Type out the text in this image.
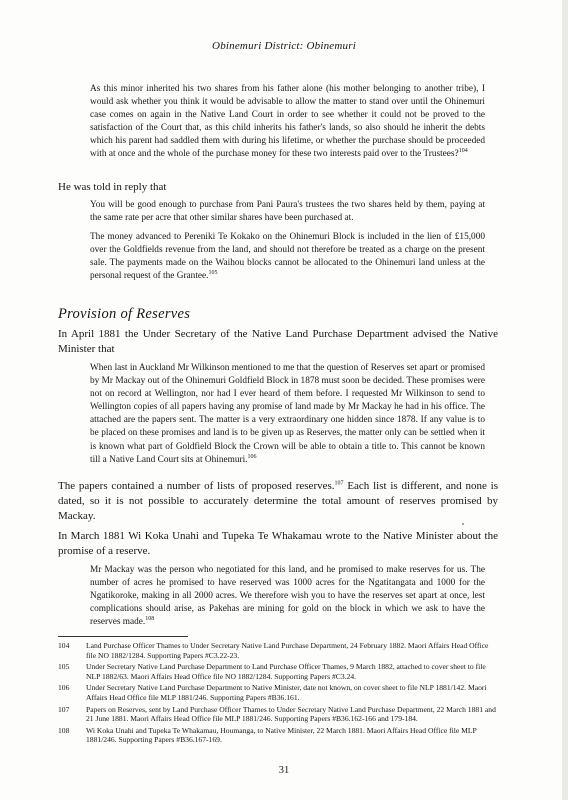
Obinemuri District: Obinemuri

As this minor inherited his two shares from his father alone (his mother belonging to another tribe), I would ask whether you think it would be advisable to allow the matter to stand over until the Ohinemuri case comes on again in the Native Land Court in order to see whether it could not be proved to the satisfaction of the Court that, as this child inherits his father's lands, so also should he inherit the debts which his parent had saddled them with during his lifetime, or whether the purchase should be proceeded with at once and the whole of the purchase money for these two interests paid over to the Trustees?$^{104}$

He was told in reply that

You will be good enough to purchase from Pani Paura's trustees the two shares held by them, paying at the same rate per acre that other similar shares have been purchased at.

The money advanced to Pereniki Te Kokako on the Ohinemuri Block is included in the lien of £15,000 over the Goldfields revenue from the land, and should not therefore be treated as a charge on the present sale. The payments made on the Waihou blocks cannot be allocated to the Ohinemuri land unless at the personal request of the Grantee.$^{105}$

Provision of Reserves

In April 1881 the Under Secretary of the Native Land Purchase Department advised the Native Minister that

When last in Auckland Mr Wilkinson mentioned to me that the question of Reserves set apart or promised by Mr Mackay out of the Ohinemuri Goldfield Block in 1878 must soon be decided. These promises were not on record at Wellington, nor had I ever heard of them before. I requested Mr Wilkinson to send to Wellington copies of all papers having any promise of land made by Mr Mackay he had in his office. The attached are the papers sent. The matter is a very extraordinary one hidden since 1878. If any value is to be placed on these promises and land is to be given up as Reserves, the matter only can be settled when it is known what part of Goldfield Block the Crown will be able to obtain a title to. This cannot be known till a Native Land Court sits at Ohinemuri.$^{106}$

The papers contained a number of lists of proposed reserves.$^{107}$ Each list is different, and none is dated, so it is not possible to accurately determine the total amount of reserves promised by Mackay.

In March 1881 Wi Koka Unahi and Tupeka Te Whakamau wrote to the Native Minister about the promise of a reserve.

Mr Mackay was the person who negotiated for this land, and he promised to make reserves for us. The number of acres he promised to have reserved was 1000 acres for the Ngatitangata and 1000 for the Ngatikoroke, making in all 2000 acres. We therefore wish you to have the reserves set apart at once, lest complications should arise, as Pakehas are mining for gold on the block in which we ask to have the reserves made.$^{108}$

104	Land Purchase Officer Thames to Under Secretary Native Land Purchase Department, 24 February 1882. Maori Affairs Head Office file NO 1882/1284. Supporting Papers #C3.22-23.
105	Under Secretary Native Land Purchase Department to Land Purchase Officer Thames, 9 March 1882, attached to cover sheet to file NLP 1882/63. Maori Affairs Head Office file NO 1882/1284. Supporting Papers #C3.24.
106	Under Secretary Native Land Purchase Department to Native Minister, date not known, on cover sheet to file NLP 1881/142. Maori Affairs Head Office file MLP 1881/246. Supporting Papers #B36.161.
107	Papers on Reserves, sent by Land Purchase Officer Thames to Under Secretary Native Land Purchase Department, 22 March 1881 and 21 June 1881. Maori Affairs Head Office file MLP 1881/246. Supporting Papers #B36.162-166 and 179-184.
108	Wi Koka Unahi and Tupeka Te Whakamau, Houmanga, to Native Minister, 22 March 1881. Maori Affairs Head Office file MLP 1881/246. Supporting Papers #B36.167-169.
31
